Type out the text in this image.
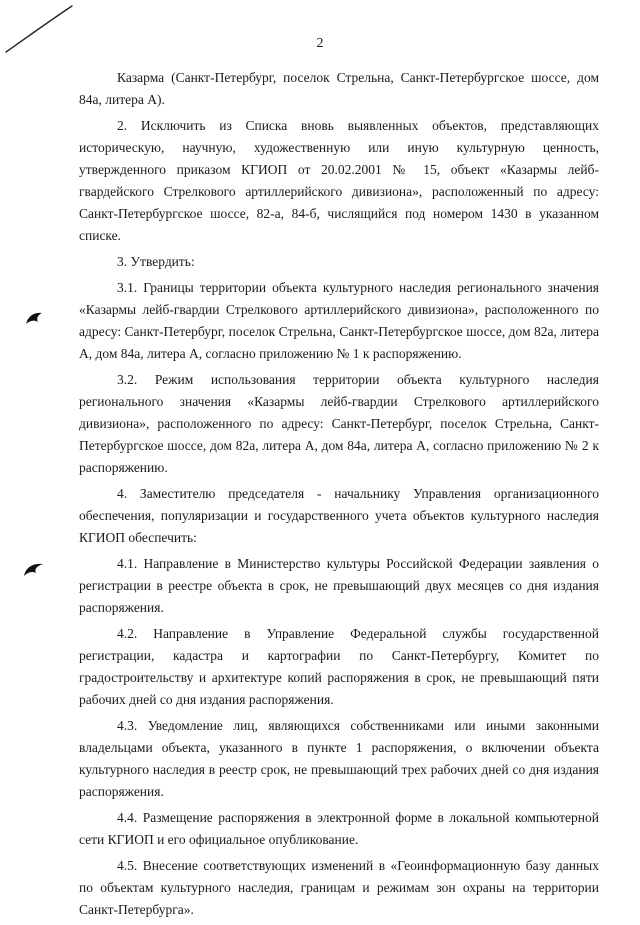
2

Казарма (Санкт-Петербург, поселок Стрельна, Санкт-Петербургское шоссе, дом 84а, литера А).

2. Исключить из Списка вновь выявленных объектов, представляющих историческую, научную, художественную или иную культурную ценность, утвержденного приказом КГИОП от 20.02.2001 № 15, объект «Казармы лейб-гвардейского Стрелкового артиллерийского дивизиона», расположенный по адресу: Санкт-Петербургское шоссе, 82-а, 84-б, числящийся под номером 1430 в указанном списке.

3. Утвердить:

3.1. Границы территории объекта культурного наследия регионального значения «Казармы лейб-гвардии Стрелкового артиллерийского дивизиона», расположенного по адресу: Санкт-Петербург, поселок Стрельна, Санкт-Петербургское шоссе, дом 82а, литера А, дом 84а, литера А, согласно приложению № 1 к распоряжению.

3.2. Режим использования территории объекта культурного наследия регионального значения «Казармы лейб-гвардии Стрелкового артиллерийского дивизиона», расположенного по адресу: Санкт-Петербург, поселок Стрельна, Санкт-Петербургское шоссе, дом 82а, литера А, дом 84а, литера А, согласно приложению № 2 к распоряжению.

4. Заместителю председателя - начальнику Управления организационного обеспечения, популяризации и государственного учета объектов культурного наследия КГИОП обеспечить:

4.1. Направление в Министерство культуры Российской Федерации заявления о регистрации в реестре объекта в срок, не превышающий двух месяцев со дня издания распоряжения.

4.2. Направление в Управление Федеральной службы государственной регистрации, кадастра и картографии по Санкт-Петербургу, Комитет по градостроительству и архитектуре копий распоряжения в срок, не превышающий пяти рабочих дней со дня издания распоряжения.

4.3. Уведомление лиц, являющихся собственниками или иными законными владельцами объекта, указанного в пункте 1 распоряжения, о включении объекта культурного наследия в реестр срок, не превышающий трех рабочих дней со дня издания распоряжения.

4.4. Размещение распоряжения в электронной форме в локальной компьютерной сети КГИОП и его официальное опубликование.

4.5. Внесение соответствующих изменений в «Геоинформационную базу данных по объектам культурного наследия, границам и режимам зон охраны на территории Санкт-Петербурга».
